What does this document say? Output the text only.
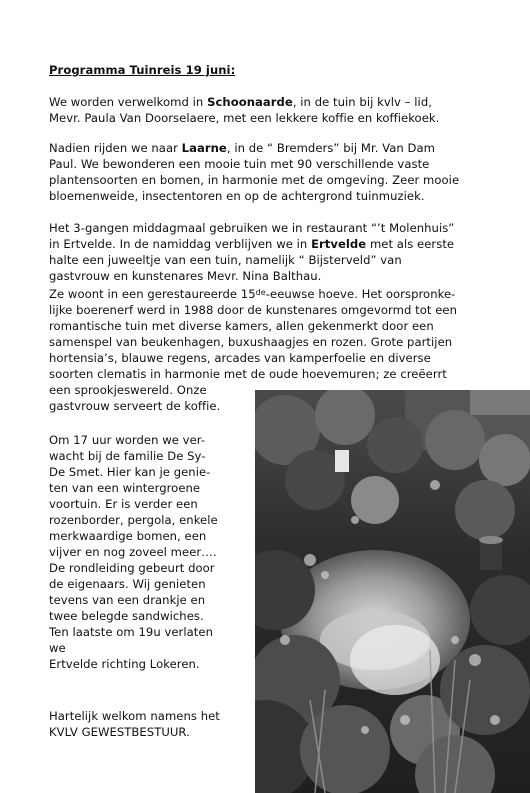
Programma Tuinreis 19 juni:
We worden verwelkomd in Schoonaarde, in de tuin bij kvlv – lid,
Mevr. Paula Van Doorselaere, met een lekkere koffie en koffiekoek.
Nadien rijden we naar Laarne, in de “ Bremders” bij Mr. Van Dam
Paul. We bewonderen een mooie tuin met 90 verschillende vaste
plantensoorten en bomen, in harmonie met de omgeving. Zeer mooie
bloemenweide, insectentoren en op de achtergrond tuinmuziek.
Het 3-gangen middagmaal gebruiken we in restaurant “’t Molenhuis”
in Ertvelde. In de namiddag verblijven we in Ertvelde met als eerste
halte een juweeltje van een tuin, namelijk “ Bijsterveld” van
gastvrouw en kunstenares Mevr. Nina Balthau.
Ze woont in een gerestaureerde 15de-eeuwse hoeve. Het oorspronke-
lijke boerenerf werd in 1988 door de kunstenares omgevormd tot een
romantische tuin met diverse kamers, allen gekenmerkt door een
samenspel van beukenhagen, buxushaagjes en rozen. Grote partijen
hortensia’s, blauwe regens, arcades van kamperfoelie en diverse
soorten clematis in harmonie met de oude hoevemuren; ze creëerrt
een sprookjeswereld. Onze
gastvrouw serveert de koffie.
Om 17 uur worden we ver-
wacht bij de familie De Sy-
De Smet. Hier kan je genie-
ten van een wintergroene
voortuin. Er is verder een
rozenborder, pergola, enkele
merkwaardige bomen, een
vijver en nog zoveel meer….
De rondleiding gebeurt door
de eigenaars. Wij genieten
tevens van een drankje en
twee belegde sandwiches.
Ten laatste om 19u verlaten
we
Ertvelde richting Lokeren.
Hartelijk welkom namens het
KVLV GEWESTBESTUUR.
